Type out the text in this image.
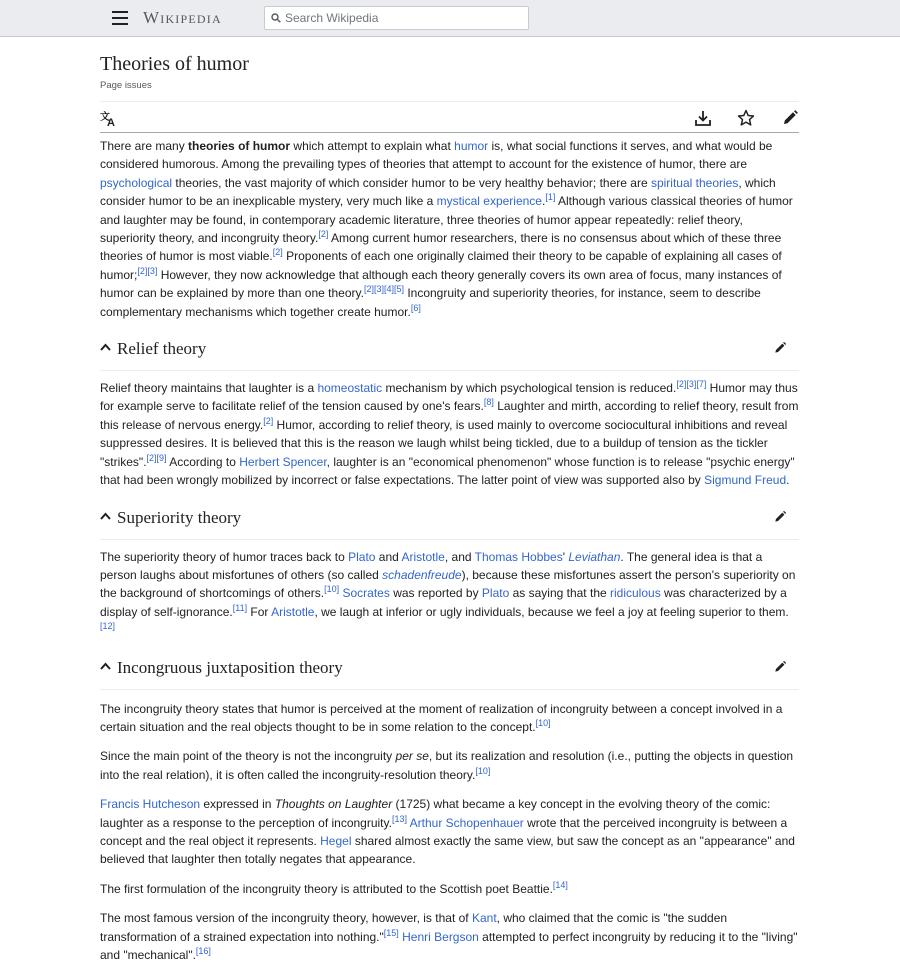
Wikipedia
Search Wikipedia
Theories of humor
Page issues
文
A

There are many theories of humor which attempt to explain what humor is, what social functions it serves, and what would be considered humorous. Among the prevailing types of theories that attempt to account for the existence of humor, there are psychological theories, the vast majority of which consider humor to be very healthy behavior; there are spiritual theories, which consider humor to be an inexplicable mystery, very much like a mystical experience.[1] Although various classical theories of humor and laughter may be found, in contemporary academic literature, three theories of humor appear repeatedly: relief theory, superiority theory, and incongruity theory.[2] Among current humor researchers, there is no consensus about which of these three theories of humor is most viable.[2] Proponents of each one originally claimed their theory to be capable of explaining all cases of humor;[2][3] However, they now acknowledge that although each theory generally covers its own area of focus, many instances of humor can be explained by more than one theory.[2][3][4][5] Incongruity and superiority theories, for instance, seem to describe complementary mechanisms which together create humor.[6]

Relief theory

Relief theory maintains that laughter is a homeostatic mechanism by which psychological tension is reduced.[2][3][7] Humor may thus for example serve to facilitate relief of the tension caused by one's fears.[8] Laughter and mirth, according to relief theory, result from this release of nervous energy.[2] Humor, according to relief theory, is used mainly to overcome sociocultural inhibitions and reveal suppressed desires. It is believed that this is the reason we laugh whilst being tickled, due to a buildup of tension as the tickler "strikes".[2][9] According to Herbert Spencer, laughter is an "economical phenomenon" whose function is to release "psychic energy" that had been wrongly mobilized by incorrect or false expectations. The latter point of view was supported also by Sigmund Freud.

Superiority theory

The superiority theory of humor traces back to Plato and Aristotle, and Thomas Hobbes' Leviathan. The general idea is that a person laughs about misfortunes of others (so called schadenfreude), because these misfortunes assert the person's superiority on the background of shortcomings of others.[10] Socrates was reported by Plato as saying that the ridiculous was characterized by a display of self-ignorance.[11] For Aristotle, we laugh at inferior or ugly individuals, because we feel a joy at feeling superior to them.[12]

Incongruous juxtaposition theory

The incongruity theory states that humor is perceived at the moment of realization of incongruity between a concept involved in a certain situation and the real objects thought to be in some relation to the concept.[10]

Since the main point of the theory is not the incongruity per se, but its realization and resolution (i.e., putting the objects in question into the real relation), it is often called the incongruity-resolution theory.[10]

Francis Hutcheson expressed in Thoughts on Laughter (1725) what became a key concept in the evolving theory of the comic: laughter as a response to the perception of incongruity.[13] Arthur Schopenhauer wrote that the perceived incongruity is between a concept and the real object it represents. Hegel shared almost exactly the same view, but saw the concept as an "appearance" and believed that laughter then totally negates that appearance.

The first formulation of the incongruity theory is attributed to the Scottish poet Beattie.[14]

The most famous version of the incongruity theory, however, is that of Kant, who claimed that the comic is "the sudden transformation of a strained expectation into nothing."[15] Henri Bergson attempted to perfect incongruity by reducing it to the "living" and "mechanical".[16]
